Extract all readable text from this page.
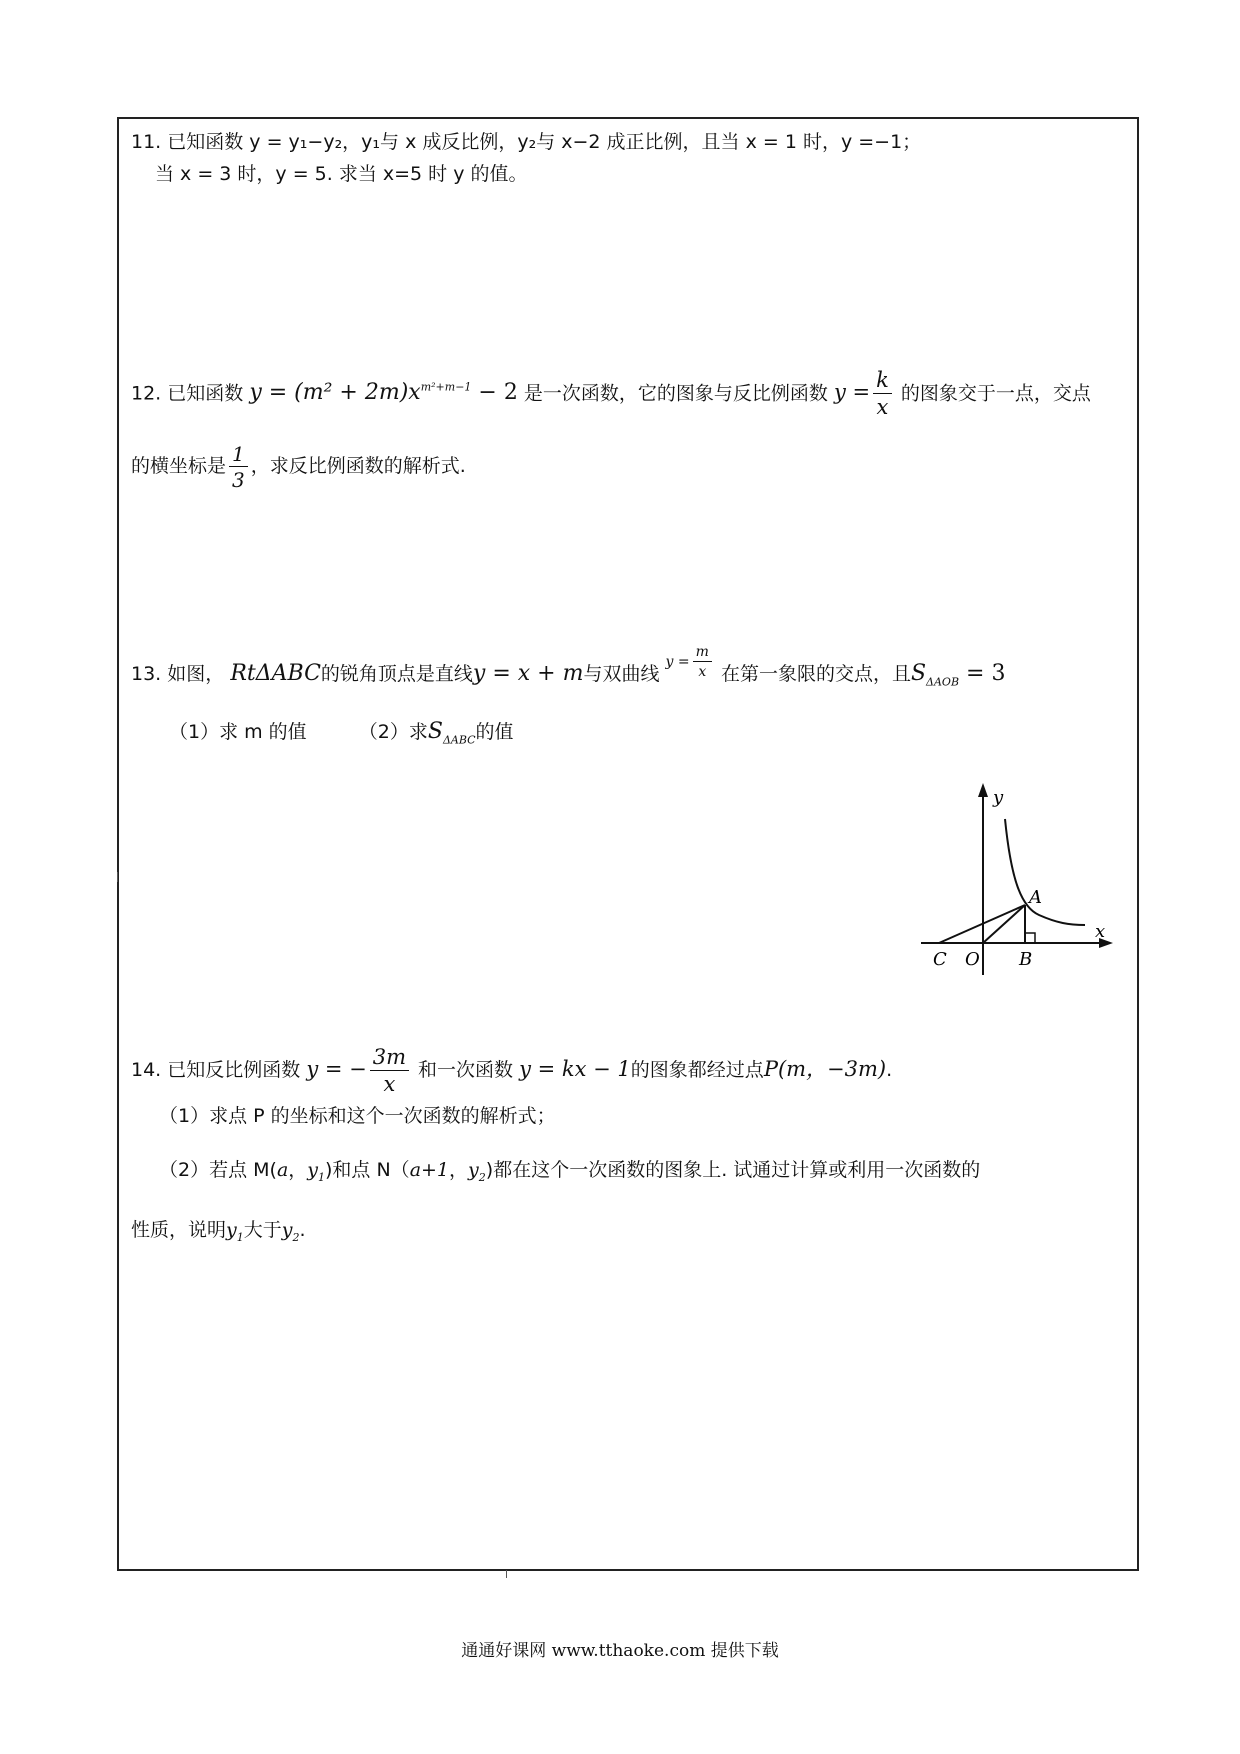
11. 已知函数 y = y₁−y₂，y₁与 x 成反比例，y₂与 x−2 成正比例，且当 x = 1 时，y =−1；
当 x = 3 时，y = 5. 求当 x=5 时 y 的值。
12. 已知函数 $y = (m^2 + 2m)x^{m^2+m-1} - 2$ 是一次函数，它的图象与反比例函数 $y = \frac{k}{x}$ 的图象交于一点，交点
的横坐标是 $\frac{1}{3}$ ，求反比例函数的解析式.
13. 如图， RtΔABC的锐角顶点是直线y = x + m与双曲线 $^{y = \frac{m}{x}}$ 在第一象限的交点，且$S_{\Delta AOB} = 3$
（1）求 m 的值	（2）求$S_{\Delta ABC}$的值
y
x
A
B
C O
14. 已知反比例函数 y = − $\frac{3m}{x}$ 和一次函数 y = kx − 1的图象都经过点P(m，−3m).
（1）求点 P 的坐标和这个一次函数的解析式；
（2）若点 M(a，$y_1$)和点 N（a+1，$y_2$)都在这个一次函数的图象上. 试通过计算或利用一次函数的
性质，说明$y_1$大于$y_2$.
通通好课网 www.tthaoke.com 提供下载
